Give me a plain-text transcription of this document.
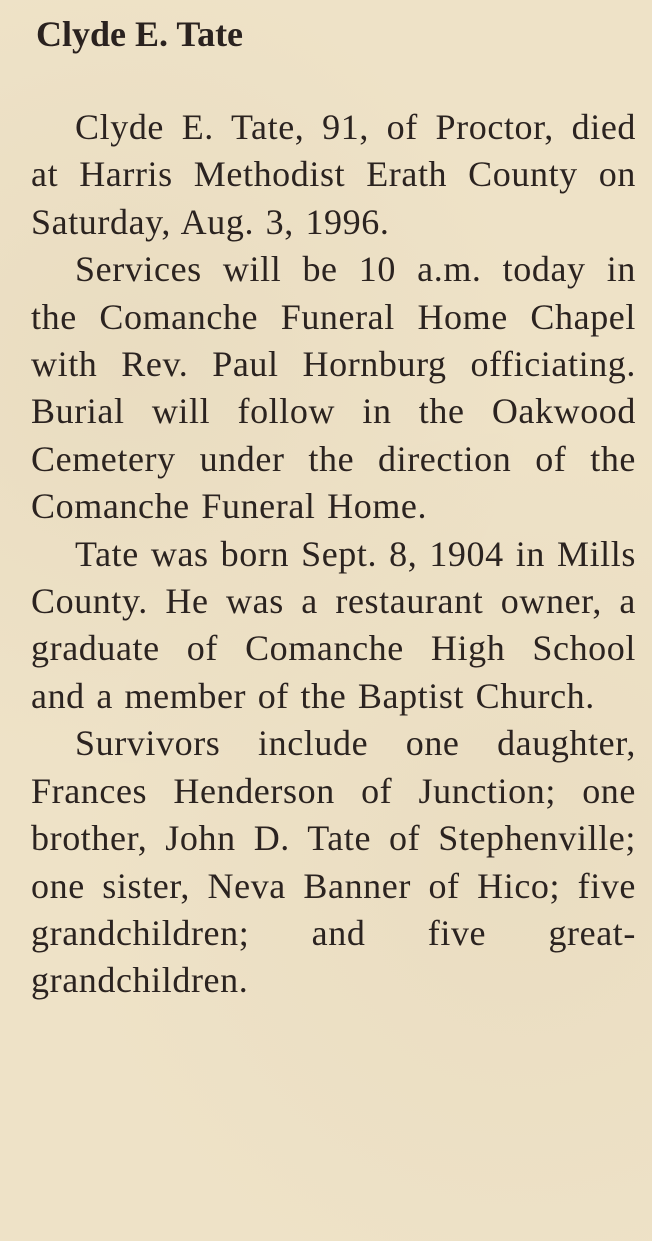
Clyde E. Tate

Clyde E. Tate, 91, of Proctor, died at Harris Methodist Erath County on Saturday, Aug. 3, 1996.

Services will be 10 a.m. today in the Comanche Funeral Home Chapel with Rev. Paul Hornburg officiating. Burial will follow in the Oakwood Cemetery under the direction of the Comanche Funeral Home.

Tate was born Sept. 8, 1904 in Mills County. He was a restaurant owner, a graduate of Comanche High School and a member of the Baptist Church.

Survivors include one daughter, Frances Henderson of Junction; one brother, John D. Tate of Stephenville; one sister, Neva Banner of Hico; five grandchildren; and five great-grandchildren.
